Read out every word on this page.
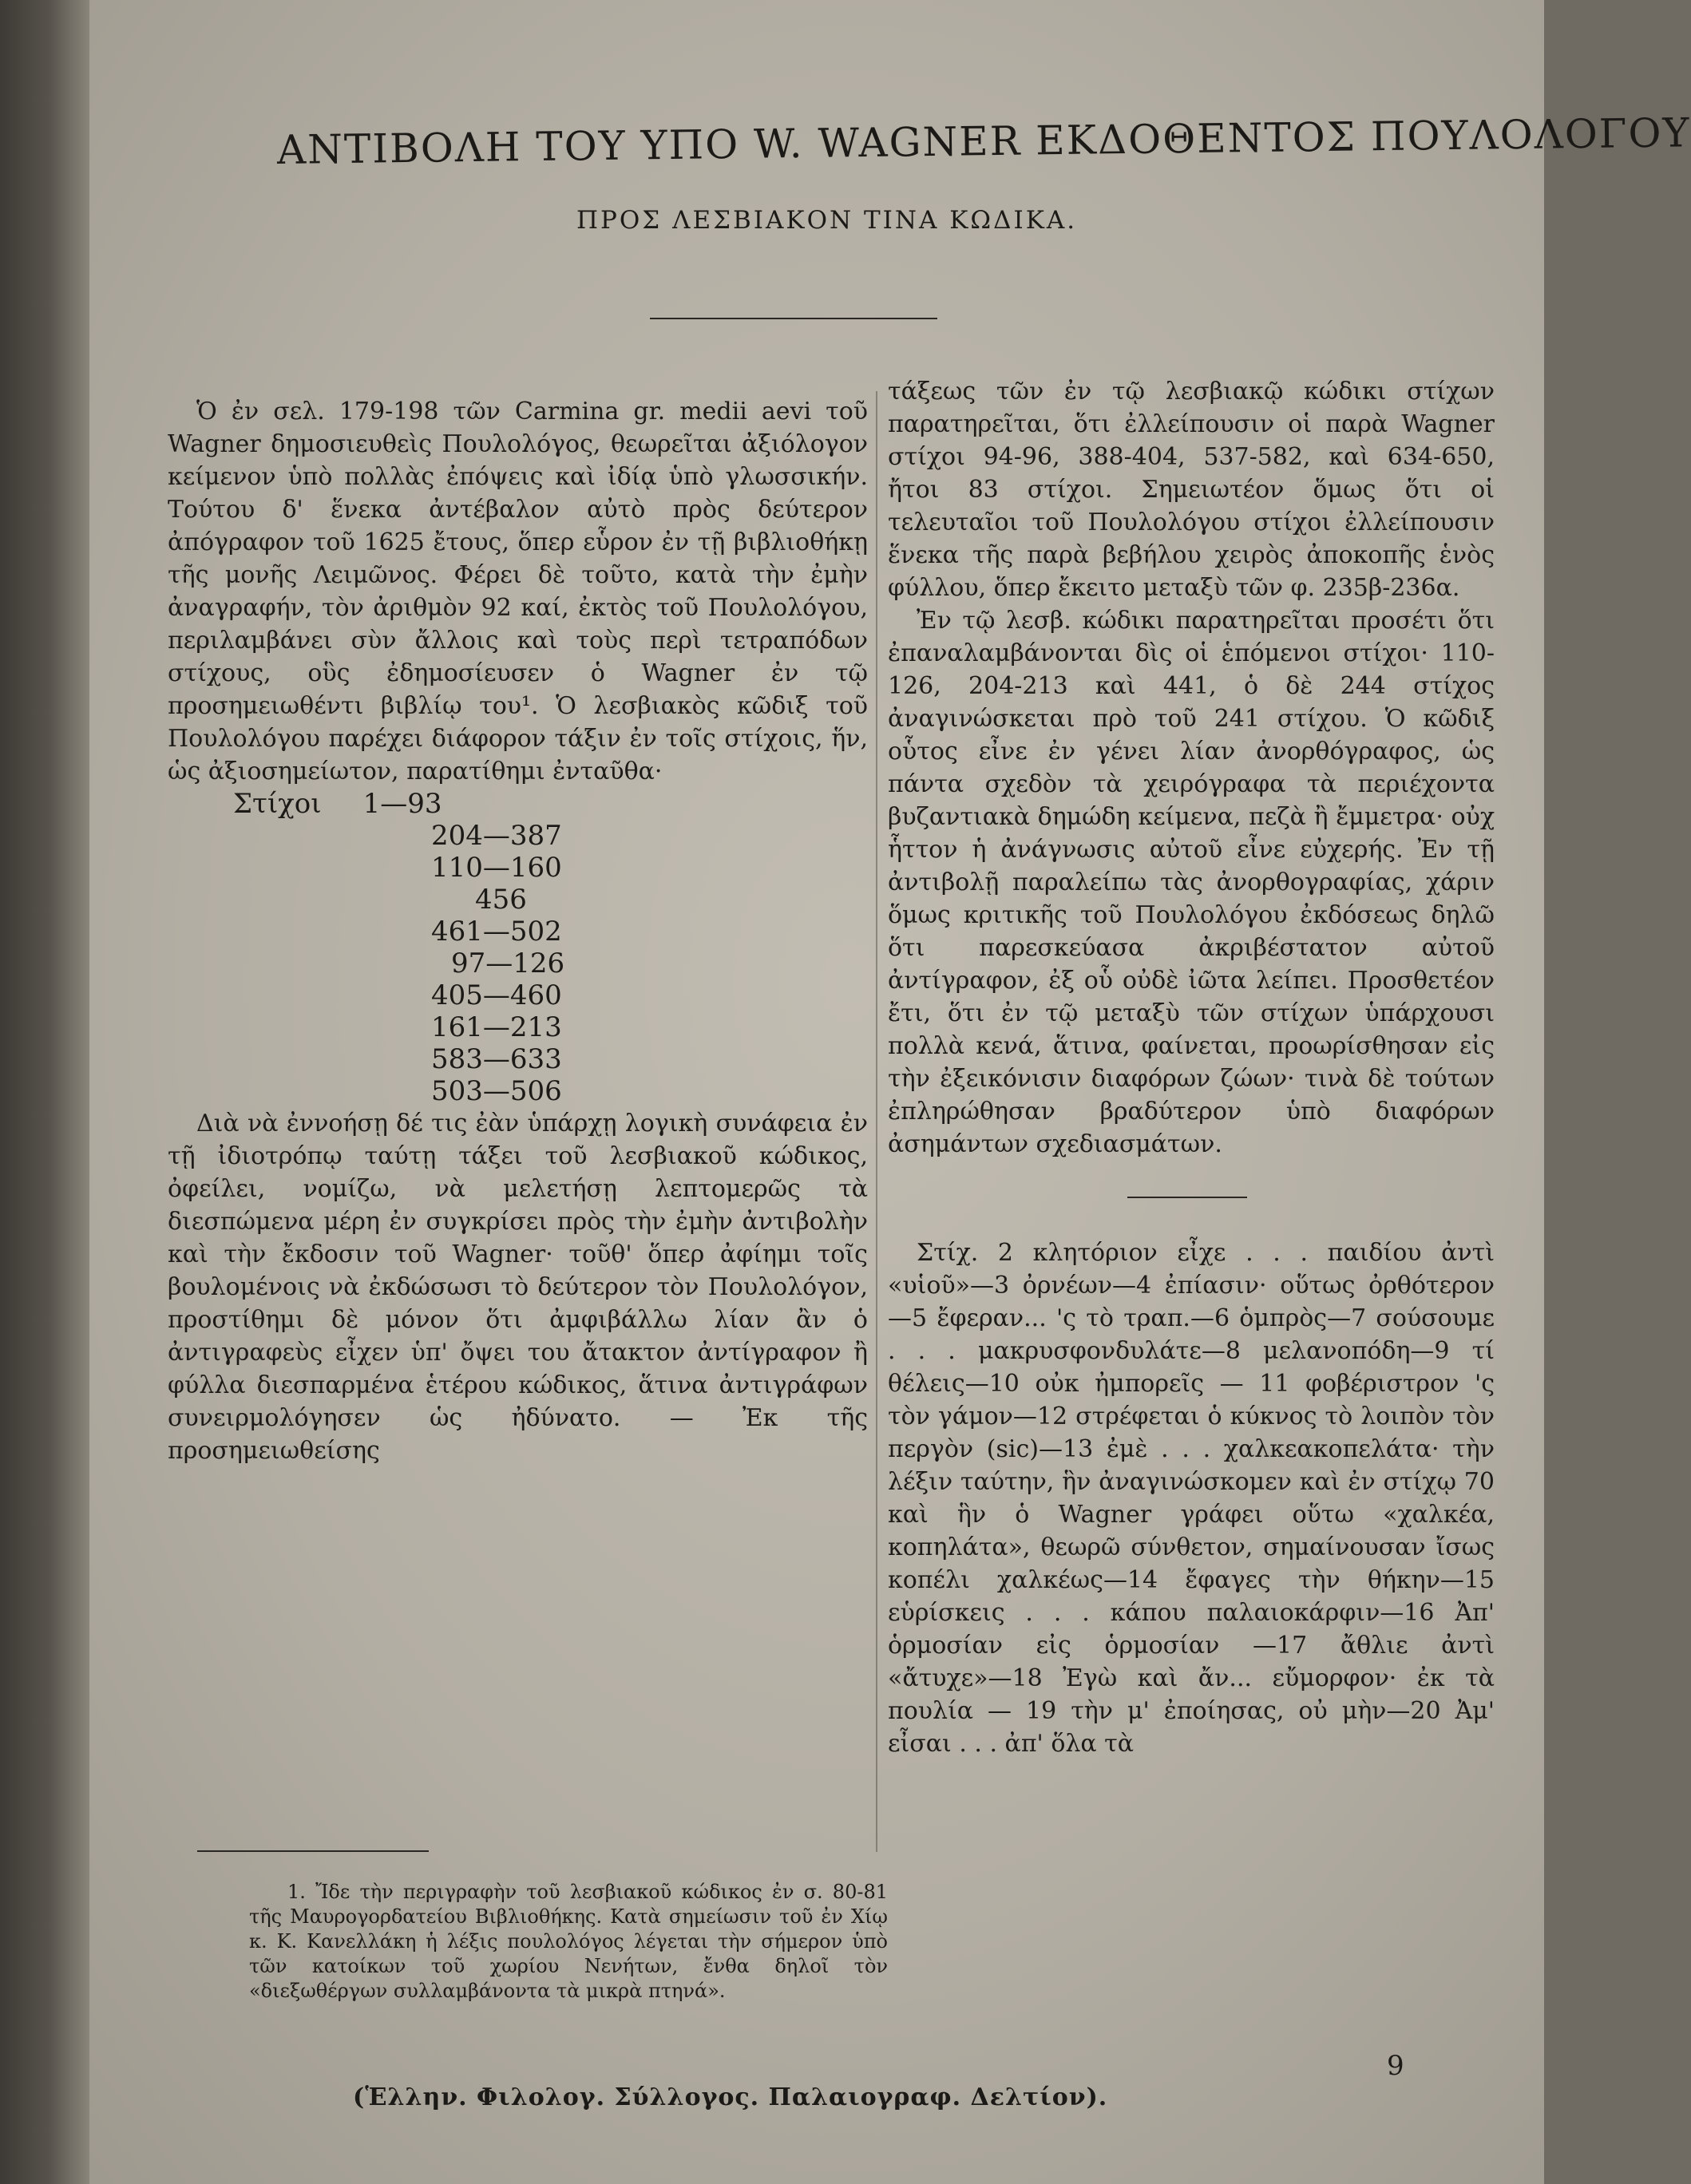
ΑΝΤΙΒΟΛΗ ΤΟΥ ΥΠΟ W. WAGNER ΕΚΔΟΘΕΝΤΟΣ ΠΟΥΛΟΛΟΓΟΥ
ΠΡΟΣ ΛΕΣΒΙΑΚΟΝ ΤΙΝΑ ΚΩΔΙΚΑ.

Ὁ ἐν σελ. 179-198 τῶν Carmina gr. medii aevi τοῦ Wagner δημοσιευθεὶς Πουλολόγος, θεωρεῖται ἀξιόλογον κείμενον ὑπὸ πολλὰς ἐπόψεις καὶ ἰδίᾳ ὑπὸ γλωσσικήν. Τούτου δ' ἕνεκα ἀντέβαλον αὐτὸ πρὸς δεύτερον ἀπόγραφον τοῦ 1625 ἔτους, ὅπερ εὗρον ἐν τῇ βιβλιοθήκῃ τῆς μονῆς Λειμῶνος. Φέρει δὲ τοῦτο, κατὰ τὴν ἐμὴν ἀναγραφήν, τὸν ἀριθμὸν 92 καί, ἐκτὸς τοῦ Πουλολόγου, περιλαμβάνει σὺν ἄλλοις καὶ τοὺς περὶ τετραπόδων στίχους, οὓς ἐδημοσίευσεν ὁ Wagner ἐν τῷ προσημειωθέντι βιβλίῳ του¹. Ὁ λεσβιακὸς κῶδιξ τοῦ Πουλολόγου παρέχει διάφορον τάξιν ἐν τοῖς στίχοις, ἥν, ὡς ἀξιοσημείωτον, παρατίθημι ἐνταῦθα·

Στίχοι 1—93
204—387
110—160
456
461—502
97—126
405—460
161—213
583—633
503—506

Διὰ νὰ ἐννοήσῃ δέ τις ἐὰν ὑπάρχῃ λογικὴ συνάφεια ἐν τῇ ἰδιοτρόπῳ ταύτῃ τάξει τοῦ λεσβιακοῦ κώδικος, ὀφείλει, νομίζω, νὰ μελετήσῃ λεπτομερῶς τὰ διεσπώμενα μέρη ἐν συγκρίσει πρὸς τὴν ἐμὴν ἀντιβολὴν καὶ τὴν ἔκδοσιν τοῦ Wagner· τοῦθ' ὅπερ ἀφίημι τοῖς βουλομένοις νὰ ἐκδώσωσι τὸ δεύτερον τὸν Πουλολόγον, προστίθημι δὲ μόνον ὅτι ἀμφιβάλλω λίαν ἂν ὁ ἀντιγραφεὺς εἶχεν ὑπ' ὄψει του ἄτακτον ἀντίγραφον ἢ φύλλα διεσπαρμένα ἑτέρου κώδικος, ἅτινα ἀντιγράφων συνειρμολόγησεν ὡς ἠδύνατο. — Ἐκ τῆς προσημειωθείσης

1. Ἴδε τὴν περιγραφὴν τοῦ λεσβιακοῦ κώδικος ἐν σ. 80-81 τῆς Μαυρογορδατείου Βιβλιοθήκης. Κατὰ σημείωσιν τοῦ ἐν Χίῳ κ. Κ. Κανελλάκη ἡ λέξις πουλολόγος λέγεται τὴν σήμερον ὑπὸ τῶν κατοίκων τοῦ χωρίου Νενήτων, ἔνθα δηλοῖ τὸν «διεξωθέργων συλλαμβάνοντα τὰ μικρὰ πτηνά».

τάξεως τῶν ἐν τῷ λεσβιακῷ κώδικι στίχων παρατηρεῖται, ὅτι ἐλλείπουσιν οἱ παρὰ Wagner στίχοι 94-96, 388-404, 537-582, καὶ 634-650, ἤτοι 83 στίχοι. Σημειωτέον ὅμως ὅτι οἱ τελευταῖοι τοῦ Πουλολόγου στίχοι ἐλλείπουσιν ἕνεκα τῆς παρὰ βεβήλου χειρὸς ἀποκοπῆς ἑνὸς φύλλου, ὅπερ ἔκειτο μεταξὺ τῶν φ. 235β-236α.

Ἐν τῷ λεσβ. κώδικι παρατηρεῖται προσέτι ὅτι ἐπαναλαμβάνονται δὶς οἱ ἑπόμενοι στίχοι· 110-126, 204-213 καὶ 441, ὁ δὲ 244 στίχος ἀναγινώσκεται πρὸ τοῦ 241 στίχου. Ὁ κῶδιξ οὗτος εἶνε ἐν γένει λίαν ἀνορθόγραφος, ὡς πάντα σχεδὸν τὰ χειρόγραφα τὰ περιέχοντα βυζαντιακὰ δημώδη κείμενα, πεζὰ ἢ ἔμμετρα· οὐχ ἧττον ἡ ἀνάγνωσις αὐτοῦ εἶνε εὐχερής. Ἐν τῇ ἀντιβολῇ παραλείπω τὰς ἀνορθογραφίας, χάριν ὅμως κριτικῆς τοῦ Πουλολόγου ἐκδόσεως δηλῶ ὅτι παρεσκεύασα ἀκριβέστατον αὐτοῦ ἀντίγραφον, ἐξ οὗ οὐδὲ ἰῶτα λείπει. Προσθετέον ἔτι, ὅτι ἐν τῷ μεταξὺ τῶν στίχων ὑπάρχουσι πολλὰ κενά, ἅτινα, φαίνεται, προωρίσθησαν εἰς τὴν ἐξεικόνισιν διαφόρων ζώων· τινὰ δὲ τούτων ἐπληρώθησαν βραδύτερον ὑπὸ διαφόρων ἀσημάντων σχεδιασμάτων.

Στίχ. 2 κλητόριον εἶχε . . . παιδίου ἀντὶ «υἱοῦ»—3 ὀρνέων—4 ἐπίασιν· οὕτως ὀρθότερον —5 ἔφεραν... 'ς τὸ τραπ.—6 ὁμπρὸς—7 σούσουμε . . . μακρυσφονδυλάτε—8 μελανοπόδη—9 τί θέλεις—10 οὐκ ἠμπορεῖς — 11 φοβέριστρον 'ς τὸν γάμον—12 στρέφεται ὁ κύκνος τὸ λοιπὸν τὸν περγὸν (sic)—13 ἐμὲ . . . χαλκεακοπελάτα· τὴν λέξιν ταύτην, ἣν ἀναγινώσκομεν καὶ ἐν στίχῳ 70 καὶ ἣν ὁ Wagner γράφει οὕτω «χαλκέα, κοπηλάτα», θεωρῶ σύνθετον, σημαίνουσαν ἴσως κοπέλι χαλκέως—14 ἔφαγες τὴν θήκην—15 εὑρίσκεις . . . κάπου παλαιοκάρφιν—16 Ἀπ' ὁρμοσίαν εἰς ὁρμοσίαν —17 ἄθλιε ἀντὶ «ἄτυχε»—18 Ἐγὼ καὶ ἄν... εὔμορφον· ἐκ τὰ πουλία — 19 τὴν μ' ἐποίησας, οὐ μὴν—20 Ἀμ' εἶσαι . . . ἀπ' ὅλα τὰ

9
(Ἑλλην. Φιλολογ. Σύλλογος. Παλαιογραφ. Δελτίον).
